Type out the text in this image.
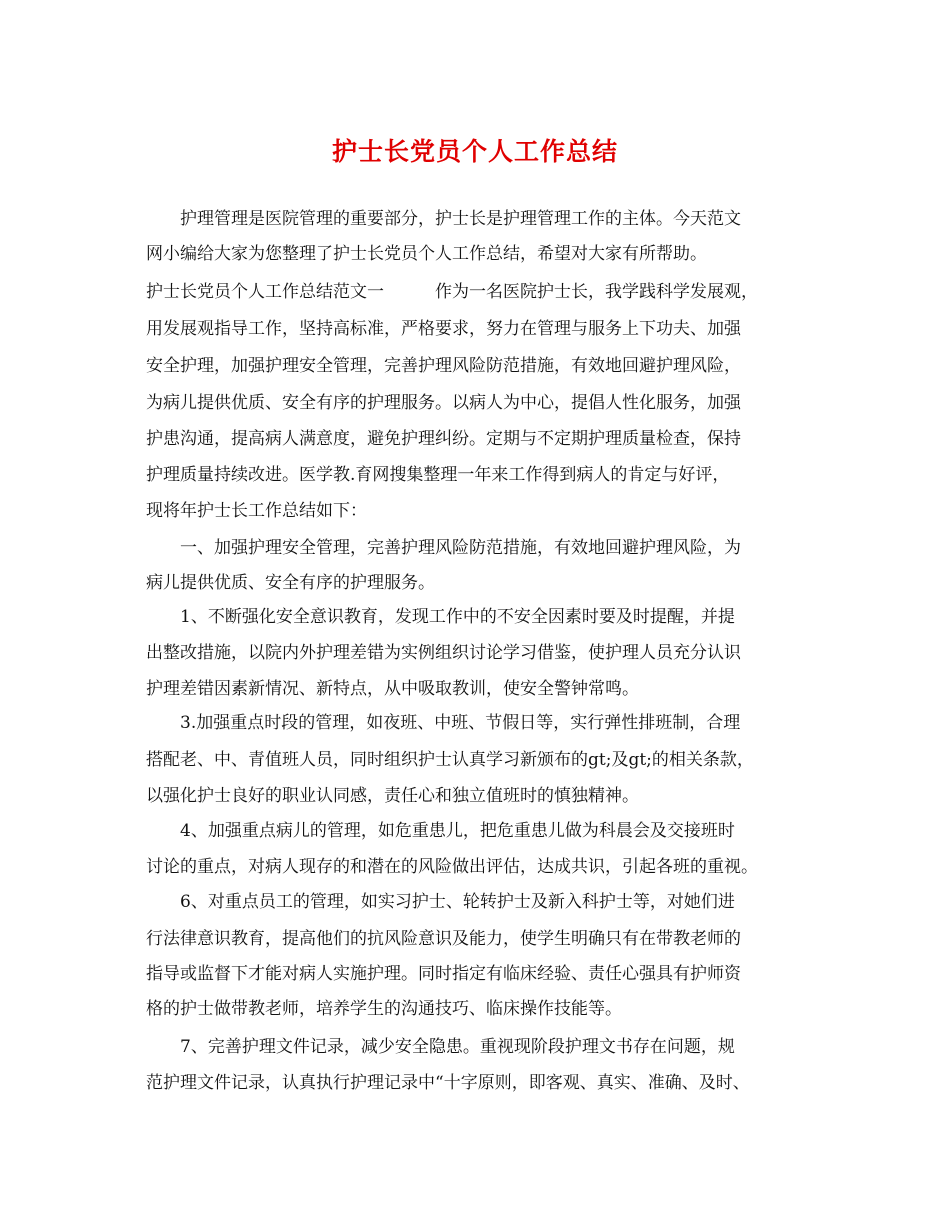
护士长党员个人工作总结
护理管理是医院管理的重要部分，护士长是护理管理工作的主体。今天范文
网小编给大家为您整理了护士长党员个人工作总结，希望对大家有所帮助。
护士长党员个人工作总结范文一　　　作为一名医院护士长，我学践科学发展观，
用发展观指导工作，坚持高标准，严格要求，努力在管理与服务上下功夫、加强
安全护理，加强护理安全管理，完善护理风险防范措施，有效地回避护理风险，
为病儿提供优质、安全有序的护理服务。以病人为中心，提倡人性化服务，加强
护患沟通，提高病人满意度，避免护理纠纷。定期与不定期护理质量检查，保持
护理质量持续改进。医学教.育网搜集整理一年来工作得到病人的肯定与好评，
现将年护士长工作总结如下：
一、加强护理安全管理，完善护理风险防范措施，有效地回避护理风险，为
病儿提供优质、安全有序的护理服务。
1、不断强化安全意识教育，发现工作中的不安全因素时要及时提醒，并提
出整改措施，以院内外护理差错为实例组织讨论学习借鉴，使护理人员充分认识
护理差错因素新情况、新特点，从中吸取教训，使安全警钟常鸣。
3.加强重点时段的管理，如夜班、中班、节假日等，实行弹性排班制，合理
搭配老、中、青值班人员，同时组织护士认真学习新颁布的gt;及gt;的相关条款，
以强化护士良好的职业认同感，责任心和独立值班时的慎独精神。
4、加强重点病儿的管理，如危重患儿，把危重患儿做为科晨会及交接班时
讨论的重点，对病人现存的和潜在的风险做出评估，达成共识，引起各班的重视。
6、对重点员工的管理，如实习护士、轮转护士及新入科护士等，对她们进
行法律意识教育，提高他们的抗风险意识及能力，使学生明确只有在带教老师的
指导或监督下才能对病人实施护理。同时指定有临床经验、责任心强具有护师资
格的护士做带教老师，培养学生的沟通技巧、临床操作技能等。
7、完善护理文件记录，减少安全隐患。重视现阶段护理文书存在问题，规
范护理文件记录，认真执行护理记录中“十字原则，即客观、真实、准确、及时、
